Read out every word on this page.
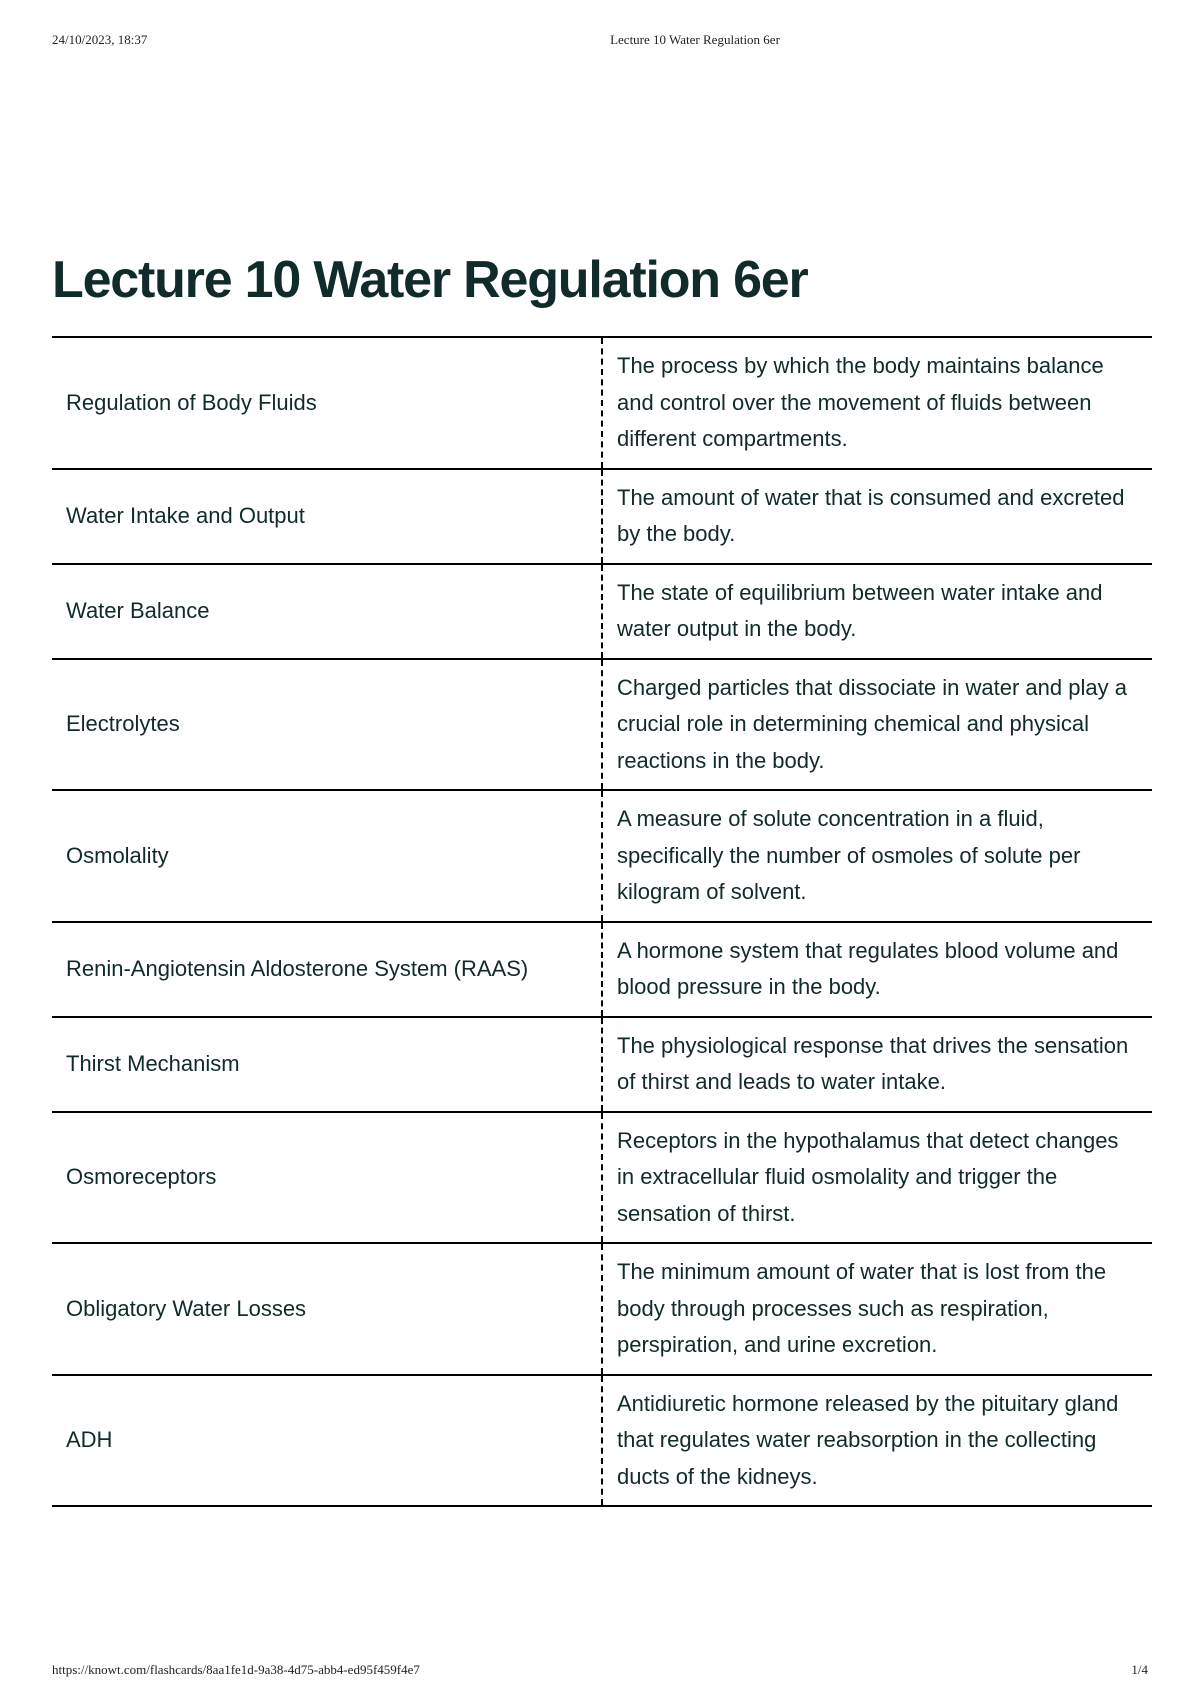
24/10/2023, 18:37	Lecture 10 Water Regulation 6er
Lecture 10 Water Regulation 6er
Regulation of Body Fluids	The process by which the body maintains balance and control over the movement of fluids between different compartments.
Water Intake and Output	The amount of water that is consumed and excreted by the body.
Water Balance	The state of equilibrium between water intake and water output in the body.
Electrolytes	Charged particles that dissociate in water and play a crucial role in determining chemical and physical reactions in the body.
Osmolality	A measure of solute concentration in a fluid, specifically the number of osmoles of solute per kilogram of solvent.
Renin-Angiotensin Aldosterone System (RAAS)	A hormone system that regulates blood volume and blood pressure in the body.
Thirst Mechanism	The physiological response that drives the sensation of thirst and leads to water intake.
Osmoreceptors	Receptors in the hypothalamus that detect changes in extracellular fluid osmolality and trigger the sensation of thirst.
Obligatory Water Losses	The minimum amount of water that is lost from the body through processes such as respiration, perspiration, and urine excretion.
ADH	Antidiuretic hormone released by the pituitary gland that regulates water reabsorption in the collecting ducts of the kidneys.
https://knowt.com/flashcards/8aa1fe1d-9a38-4d75-abb4-ed95f459f4e7	1/4
